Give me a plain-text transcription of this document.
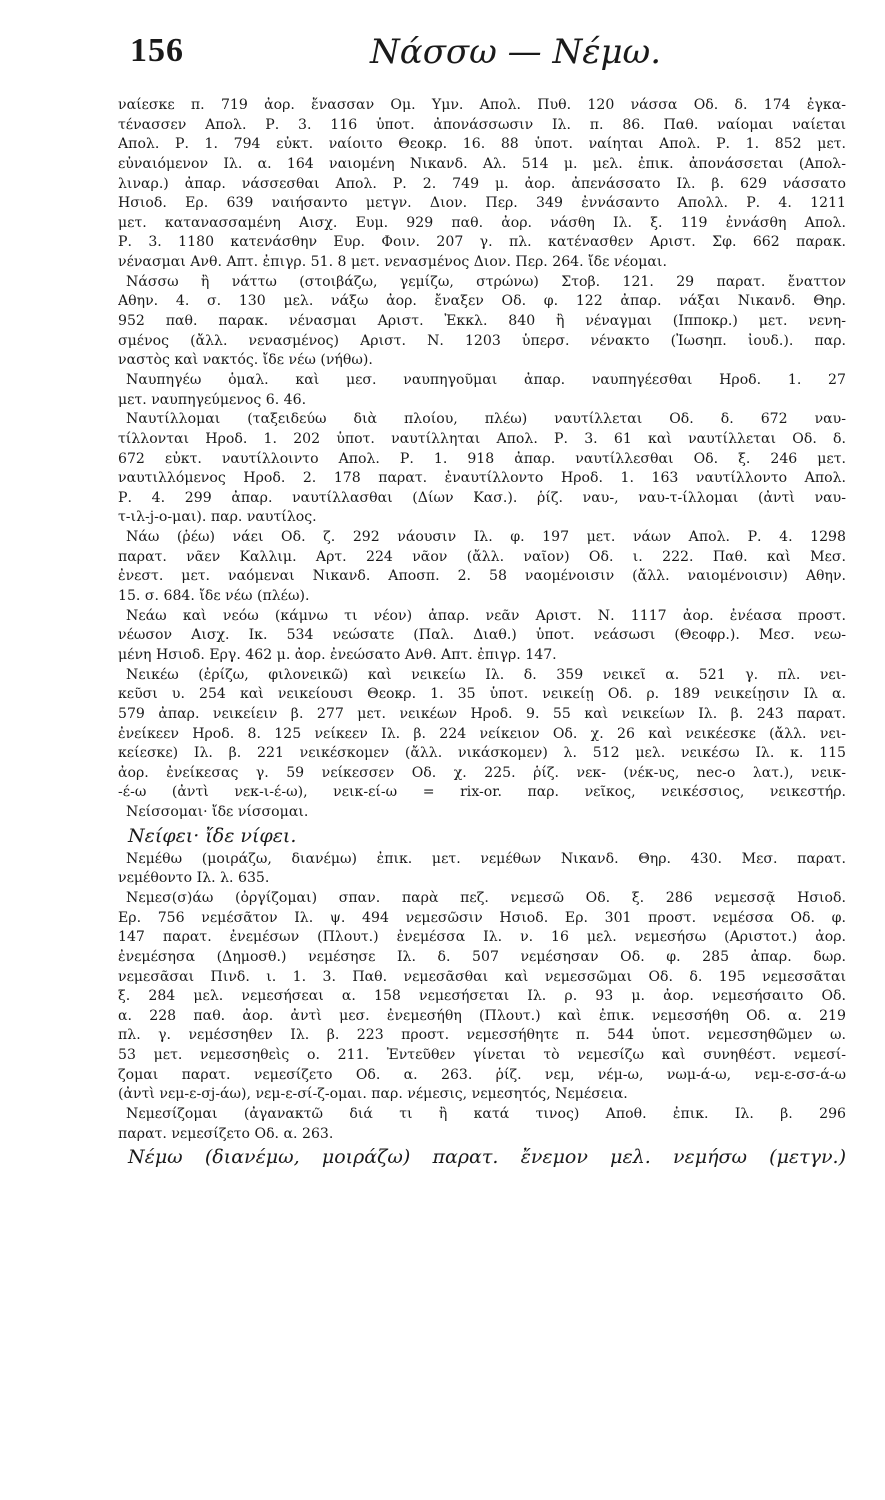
156	Νάσσω — Νέμω.
ναίεσκε π. 719 ἀορ. ἔνασσαν Ομ. Υμν. Απολ. Πυθ. 120 νάσσα Οδ. δ. 174 ἐγκα-
τένασσεν Απολ. Ρ. 3. 116 ὑποτ. ἀπονάσσωσιν Ιλ. π. 86. Παθ. ναίομαι ναίεται
Απολ. Ρ. 1. 794 εὐκτ. ναίοιτο Θεοκρ. 16. 88 ὑποτ. ναίηται Απολ. Ρ. 1. 852 μετ.
εὐναιόμενον Ιλ. α. 164 ναιομένη Νικανδ. Αλ. 514 μ. μελ. ἐπικ. ἀπονάσσεται (Απολ-
λιναρ.) ἀπαρ. νάσσεσθαι Απολ. Ρ. 2. 749 μ. ἀορ. ἀπενάσσατο Ιλ. β. 629 νάσσατο
Ησιοδ. Ερ. 639 ναιήσαντο μετγν. Διον. Περ. 349 ἐννάσαντο Απολλ. Ρ. 4. 1211
μετ. κατανασσαμένη Αισχ. Ευμ. 929 παθ. ἀορ. νάσθη Ιλ. ξ. 119 ἐννάσθη Απολ.
Ρ. 3. 1180 κατενάσθην Ευρ. Φοιν. 207 γ. πλ. κατένασθεν Αριστ. Σφ. 662 παρακ.
νένασμαι Ανθ. Απτ. ἐπιγρ. 51. 8 μετ. νενασμένος Διον. Περ. 264. ἴδε νέομαι.
Νάσσω ἢ νάττω (στοιβάζω, γεμίζω, στρώνω) Στοβ. 121. 29 παρατ. ἔναττον
Αθην. 4. σ. 130 μελ. νάξω ἀορ. ἔναξεν Οδ. φ. 122 ἀπαρ. νάξαι Νικανδ. Θηρ.
952 παθ. παρακ. νένασμαι Αριστ. Ἐκκλ. 840 ἢ νέναγμαι (Ιπποκρ.) μετ. νενη-
σμένος (ἄλλ. νενασμένος) Αριστ. Ν. 1203 ὑπερσ. νένακτο (Ἰωσηπ. ἰουδ.). παρ.
ναστὸς καὶ νακτός. ἴδε νέω (νήθω).
Ναυπηγέω ὁμαλ. καὶ μεσ. ναυπηγοῦμαι ἀπαρ. ναυπηγέεσθαι Ηροδ. 1. 27
μετ. ναυπηγεύμενος 6. 46.
Ναυτίλλομαι (ταξειδεύω διὰ πλοίου, πλέω) ναυτίλλεται Οδ. δ. 672 ναυ-
τίλλονται Ηροδ. 1. 202 ὑποτ. ναυτίλληται Απολ. Ρ. 3. 61 καὶ ναυτίλλεται Οδ. δ.
672 εὐκτ. ναυτίλλοιντο Απολ. Ρ. 1. 918 ἀπαρ. ναυτίλλεσθαι Οδ. ξ. 246 μετ.
ναυτιλλόμενος Ηροδ. 2. 178 παρατ. ἐναυτίλλοντο Ηροδ. 1. 163 ναυτίλλοντο Απολ.
Ρ. 4. 299 ἀπαρ. ναυτίλλασθαι (Δίων Κασ.). ῥίζ. ναυ-, ναυ-τ-ίλλομαι (ἀντὶ ναυ-
τ-ιλ-j-ο-μαι). παρ. ναυτίλος.
Νάω (ῥέω) νάει Οδ. ζ. 292 νάουσιν Ιλ. φ. 197 μετ. νάων Απολ. Ρ. 4. 1298
παρατ. νᾶεν Καλλιμ. Αρτ. 224 νᾶον (ἄλλ. ναῖον) Οδ. ι. 222. Παθ. καὶ Μεσ.
ἐνεστ. μετ. ναόμεναι Νικανδ. Αποσπ. 2. 58 ναομένοισιν (ἄλλ. ναιομένοισιν) Αθην.
15. σ. 684. ἴδε νέω (πλέω).
Νεάω καὶ νεόω (κάμνω τι νέον) ἀπαρ. νεᾶν Αριστ. Ν. 1117 ἀορ. ἐνέασα προστ.
νέωσον Αισχ. Ικ. 534 νεώσατε (Παλ. Διαθ.) ὑποτ. νεάσωσι (Θεοφρ.). Μεσ. νεω-
μένη Ησιοδ. Εργ. 462 μ. ἀορ. ἐνεώσατο Ανθ. Απτ. ἐπιγρ. 147.
Νεικέω (ἐρίζω, φιλονεικῶ) καὶ νεικείω Ιλ. δ. 359 νεικεῖ α. 521 γ. πλ. νει-
κεῦσι υ. 254 καὶ νεικείουσι Θεοκρ. 1. 35 ὑποτ. νεικείῃ Οδ. ρ. 189 νεικείῃσιν Ιλ α.
579 ἀπαρ. νεικείειν β. 277 μετ. νεικέων Ηροδ. 9. 55 καὶ νεικείων Ιλ. β. 243 παρατ.
ἐνείκεεν Ηροδ. 8. 125 νείκεεν Ιλ. β. 224 νείκειον Οδ. χ. 26 καὶ νεικέεσκε (ἄλλ. νει-
κείεσκε) Ιλ. β. 221 νεικέσκομεν (ἄλλ. νικάσκομεν) λ. 512 μελ. νεικέσω Ιλ. κ. 115
ἀορ. ἐνείκεσας γ. 59 νείκεσσεν Οδ. χ. 225. ῥίζ. νεκ- (νέκ-υς, nec-o λατ.), νεικ-
-έ-ω (ἀντὶ νεκ-ι-έ-ω), νεικ-εί-ω = rix-or. παρ. νεῖκος, νεικέσσιος, νεικεστήρ.
Νείσσομαι· ἴδε νίσσομαι.
Νείφει· ἴδε νίφει.
Νεμέθω (μοιράζω, διανέμω) ἐπικ. μετ. νεμέθων Νικανδ. Θηρ. 430. Μεσ. παρατ.
νεμέθοντο Ιλ. λ. 635.
Νεμεσ(σ)άω (ὀργίζομαι) σπαν. παρὰ πεζ. νεμεσῶ Οδ. ξ. 286 νεμεσσᾷ Ησιοδ.
Ερ. 756 νεμέσᾶτον Ιλ. ψ. 494 νεμεσῶσιν Ησιοδ. Ερ. 301 προστ. νεμέσσα Οδ. φ.
147 παρατ. ἐνεμέσων (Πλουτ.) ἐνεμέσσα Ιλ. ν. 16 μελ. νεμεσήσω (Αριστοτ.) ἀορ.
ἐνεμέσησα (Δημοσθ.) νεμέσησε Ιλ. δ. 507 νεμέσησαν Οδ. φ. 285 ἀπαρ. δωρ.
νεμεσᾶσαι Πινδ. ι. 1. 3. Παθ. νεμεσᾶσθαι καὶ νεμεσσῶμαι Οδ. δ. 195 νεμεσσᾶται
ξ. 284 μελ. νεμεσήσεαι α. 158 νεμεσήσεται Ιλ. ρ. 93 μ. ἀορ. νεμεσήσαιτο Οδ.
α. 228 παθ. ἀορ. ἀντὶ μεσ. ἐνεμεσήθη (Πλουτ.) καὶ ἐπικ. νεμεσσήθη Οδ. α. 219
πλ. γ. νεμέσσηθεν Ιλ. β. 223 προστ. νεμεσσήθητε π. 544 ὑποτ. νεμεσσηθῶμεν ω.
53 μετ. νεμεσσηθεὶς ο. 211. Ἐντεῦθεν γίνεται τὸ νεμεσίζω καὶ συνηθέστ. νεμεσί-
ζομαι παρατ. νεμεσίζετο Οδ. α. 263. ῥίζ. νεμ, νέμ-ω, νωμ-ά-ω, νεμ-ε-σσ-ά-ω
(ἀντὶ νεμ-ε-σj-άω), νεμ-ε-σί-ζ-ομαι. παρ. νέμεσις, νεμεσητός, Νεμέσεια.
Νεμεσίζομαι (ἀγανακτῶ διά τι ἢ κατά τινος) Αποθ. ἐπικ. Ιλ. β. 296
παρατ. νεμεσίζετο Οδ. α. 263.
Νέμω (διανέμω, μοιράζω) παρατ. ἔνεμον μελ. νεμήσω (μετγν.)
